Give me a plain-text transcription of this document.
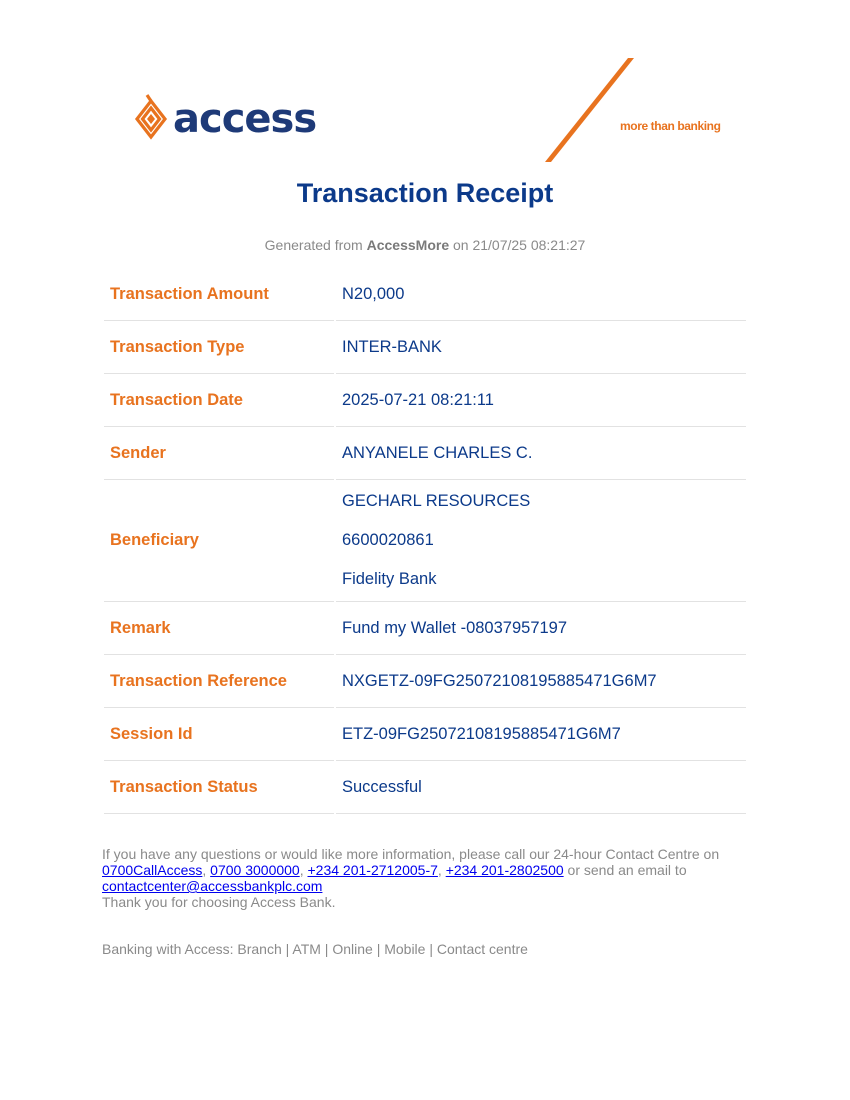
access	more than banking
Transaction Receipt
Generated from AccessMore on 21/07/25 08:21:27
Transaction Amount	N20,000
Transaction Type	INTER-BANK
Transaction Date	2025-07-21 08:21:11
Sender	ANYANELE CHARLES C.
Beneficiary	GECHARL RESOURCES
6600020861
Fidelity Bank

Remark	Fund my Wallet -08037957197
Transaction Reference	NXGETZ-09FG25072108195885471G6M7
Session Id	ETZ-09FG25072108195885471G6M7
Transaction Status	Successful
If you have any questions or would like more information, please call our 24-hour Contact Centre on
0700CallAccess, 0700 3000000, +234 201-2712005-7, +234 201-2802500 or send an email to
contactcenter@accessbankplc.com
Thank you for choosing Access Bank.
Banking with Access: Branch | ATM | Online | Mobile | Contact centre
